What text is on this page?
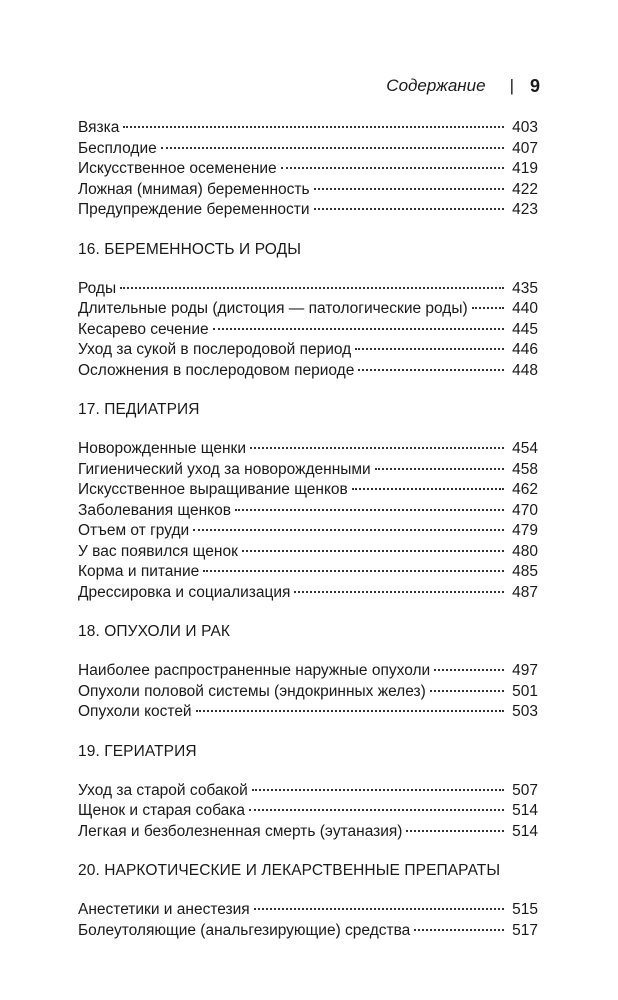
Содержание | 9
Вязка	403
Бесплодие	407
Искусственное осеменение	419
Ложная (мнимая) беременность	422
Предупреждение беременности	423
16. БЕРЕМЕННОСТЬ И РОДЫ
Роды	435
Длительные роды (дистоция — патологические роды)	440
Кесарево сечение	445
Уход за сукой в послеродовой период	446
Осложнения в послеродовом периоде	448
17. ПЕДИАТРИЯ
Новорожденные щенки	454
Гигиенический уход за новорожденными	458
Искусственное выращивание щенков	462
Заболевания щенков	470
Отъем от груди	479
У вас появился щенок	480
Корма и питание	485
Дрессировка и социализация	487
18. ОПУХОЛИ И РАК
Наиболее распространенные наружные опухоли	497
Опухоли половой системы (эндокринных желез)	501
Опухоли костей	503
19. ГЕРИАТРИЯ
Уход за старой собакой	507
Щенок и старая собака	514
Легкая и безболезненная смерть (эутаназия)	514
20. НАРКОТИЧЕСКИЕ И ЛЕКАРСТВЕННЫЕ ПРЕПАРАТЫ
Анестетики и анестезия	515
Болеутоляющие (анальгезирующие) средства	517
